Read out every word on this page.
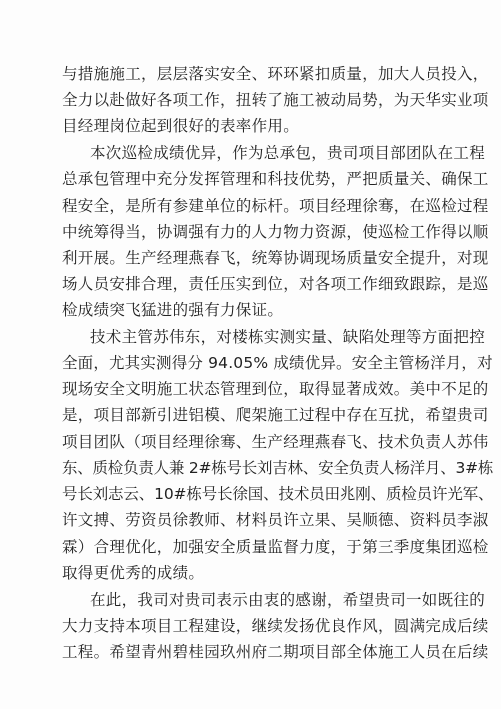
与措施施工，层层落实安全、环环紧扣质量，加大人员投入，
全力以赴做好各项工作，扭转了施工被动局势，为天华实业项
目经理岗位起到很好的表率作用。
本次巡检成绩优异，作为总承包，贵司项目部团队在工程
总承包管理中充分发挥管理和科技优势，严把质量关、确保工
程安全，是所有参建单位的标杆。项目经理徐骞，在巡检过程
中统筹得当，协调强有力的人力物力资源，使巡检工作得以顺
利开展。生产经理燕春飞，统筹协调现场质量安全提升，对现
场人员安排合理，责任压实到位，对各项工作细致跟踪，是巡
检成绩突飞猛进的强有力保证。
技术主管苏伟东，对楼栋实测实量、缺陷处理等方面把控
全面，尤其实测得分 94.05% 成绩优异。安全主管杨洋月，对
现场安全文明施工状态管理到位，取得显著成效。美中不足的
是，项目部新引进铝模、爬架施工过程中存在互扰，希望贵司
项目团队（项目经理徐骞、生产经理燕春飞、技术负责人苏伟
东、质检负责人兼 2#栋号长刘吉林、安全负责人杨洋月、3#栋
号长刘志云、10#栋号长徐国、技术员田兆刚、质检员许光军、
许文搏、劳资员徐教师、材料员许立果、吴顺德、资料员李淑
霖）合理优化，加强安全质量监督力度，于第三季度集团巡检
取得更优秀的成绩。
在此，我司对贵司表示由衷的感谢，希望贵司一如既往的
大力支持本项目工程建设，继续发扬优良作风，圆满完成后续
工程。希望青州碧桂园玖州府二期项目部全体施工人员在后续
